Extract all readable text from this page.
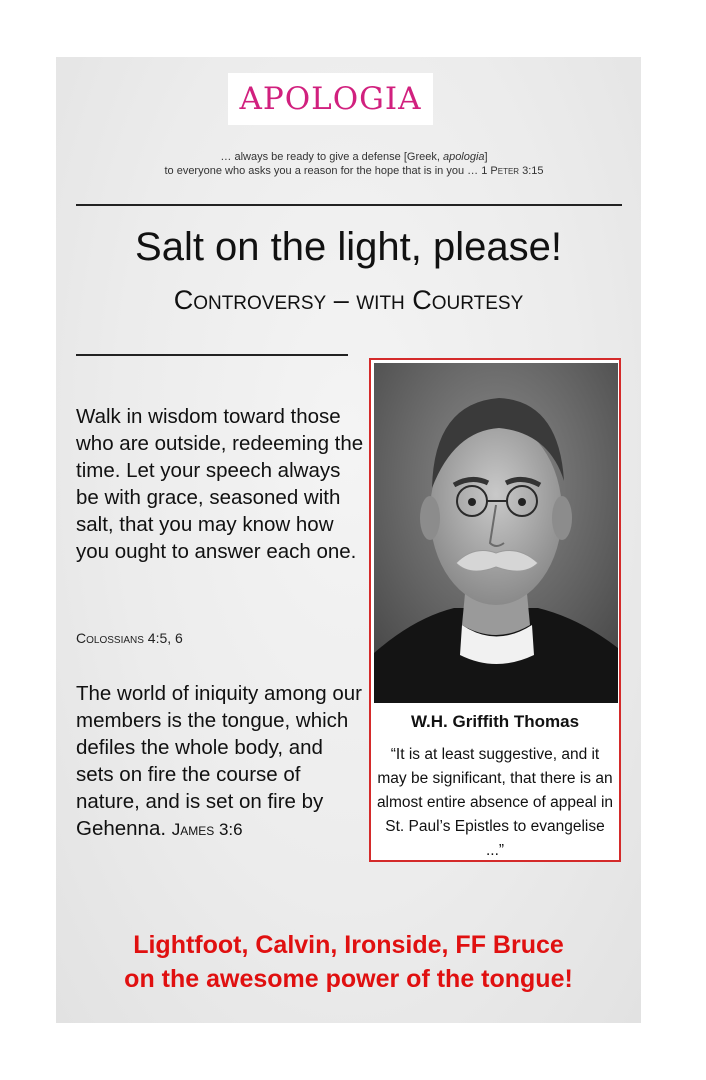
APOLOGIA
… always be ready to give a defense [Greek, apologia]
to everyone who asks you a reason for the hope that is in you … 1 Peter 3:15
Salt on the light, please!
Controversy – with Courtesy
Walk in wisdom toward those who are outside, redeeming the time. Let your speech always be with grace, seasoned with salt, that you may know how you ought to answer each one.
Colossians 4:5, 6
The world of iniquity among our members is the tongue, which defiles the whole body, and sets on fire the course of nature, and is set on fire by Gehenna. James 3:6
W.H. Griffith Thomas
“It is at least suggestive, and it may be significant, that there is an almost entire absence of appeal in St. Paul’s Epistles to evangelise ...”
Lightfoot, Calvin, Ironside, FF Bruce
on the awesome power of the tongue!
